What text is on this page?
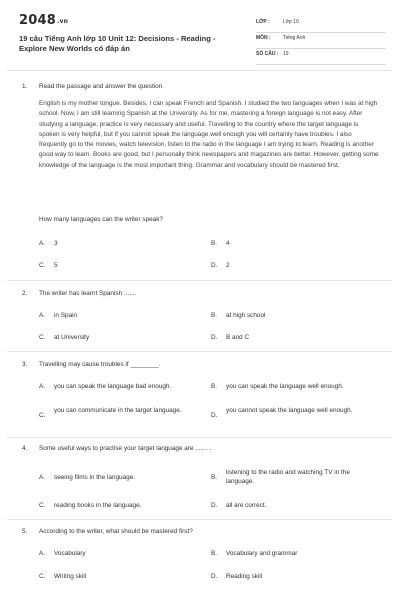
2048.vn
19 câu Tiếng Anh lớp 10 Unit 12: Decisions - Reading - Explore New Worlds có đáp án
LỚP :	Lớp 10
MÔN : Tiếng Anh
SỐ CÂU : 19
1. Read the passage and answer the question
English is my mother tongue. Besides, I can speak French and Spanish. I studied the two languages when I was at high school. Now, I am still learning Spanish at the University. As for me, mastering a foreign language is not easy. After studying a language, practice is very necessary and useful. Travelling to the country where the target language is spoken is very helpful, but if you cannot speak the language well enough you will certainly have troubles. I also frequently go to the movies, watch television, listen to the radio in the language I am trying to learn. Reading is another good way to learn. Books are good, but I personally think newspapers and magazines are better. However, getting some knowledge of the language is the most important thing. Grammar and vocabulary should be mastered first.
How many languages can the writer speak?
A.	3	B.	4
C.	5	D.	2
2. The writer has learnt Spanish .......
A.	in Spain	B.	at high school
C.	at University	D.	B and C
3. Travelling may cause troubles if ________.
A.	you can speak the language bad enough.	B.	you can speak the language well enough.
C.
you can communicate in the target language.
D.
you cannot speak the language well enough.
4. Some useful ways to practise your target language are ....... .
A.	seeing films in the language.	B.
listening to the radio and watching TV in the language.
C.	reading books in the language.	D.	all are correct.
5. According to the writer, what should be mastered first?
A.	Vocabulary	B.	Vocabulary and grammar
C.	Writing skill	D.	Reading skill
